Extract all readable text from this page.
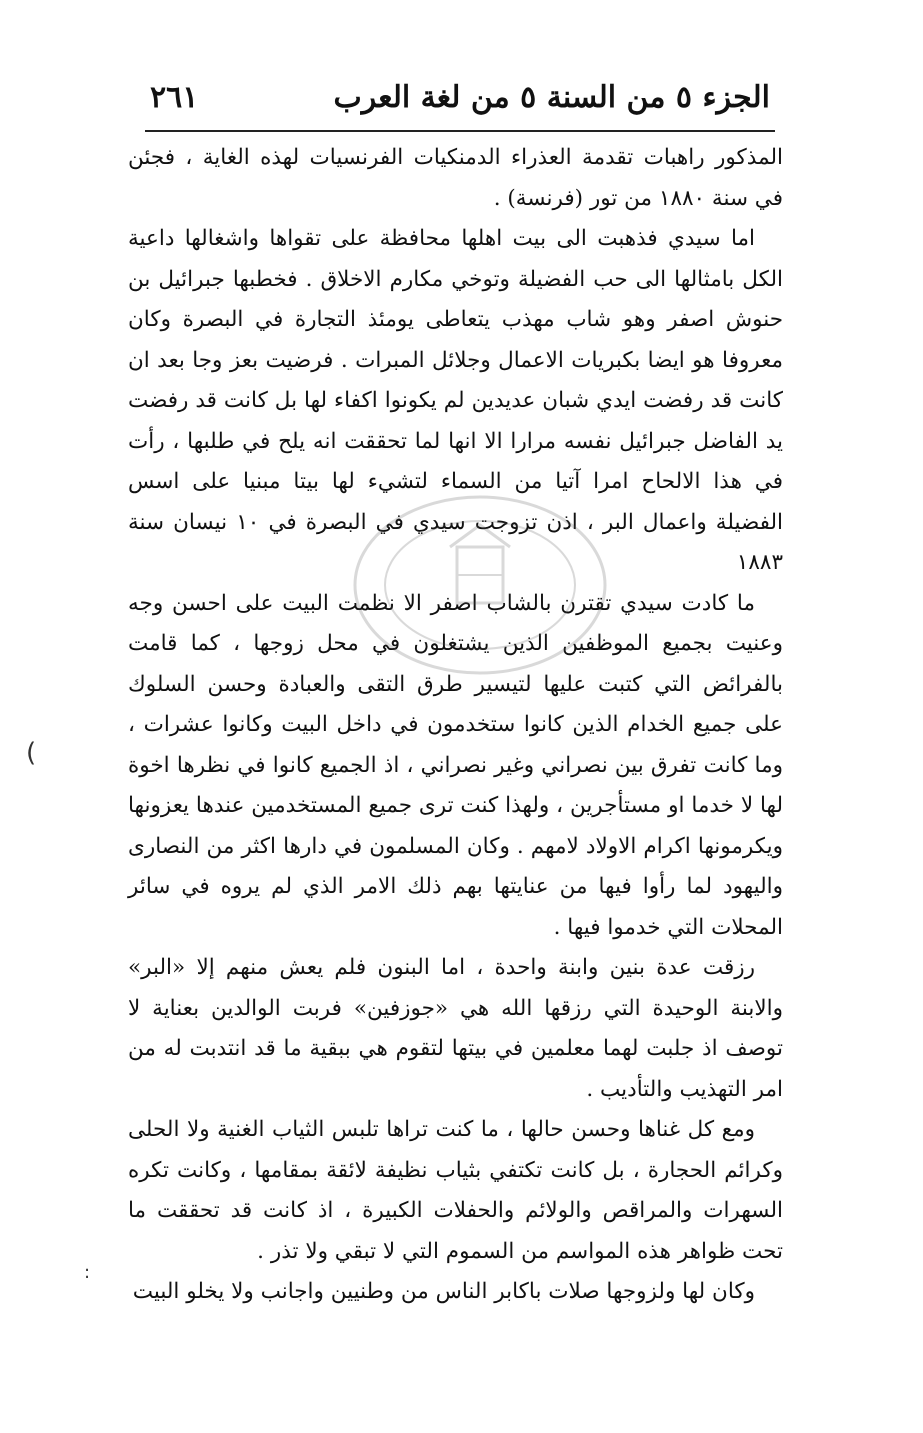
الجزء ٥ من السنة ٥ من لغة العرب
٢٦١

المذكور راهبات تقدمة العذراء الدمنكيات الفرنسيات لهذه الغاية ، فجئن في سنة ١٨٨٠ من تور (فرنسة) .

اما سيدي فذهبت الى بيت اهلها محافظة على تقواها واشغالها داعية الكل بامثالها الى حب الفضيلة وتوخي مكارم الاخلاق . فخطبها جبرائيل بن حنوش اصفر وهو شاب مهذب يتعاطى يومئذ التجارة في البصرة وكان معروفا هو ايضا بكبريات الاعمال وجلائل المبرات . فرضيت بعز وجا بعد ان كانت قد رفضت ايدي شبان عديدين لم يكونوا اكفاء لها بل كانت قد رفضت يد الفاضل جبرائيل نفسه مرارا الا انها لما تحققت انه يلح في طلبها ، رأت في هذا الالحاح امرا آتيا من السماء لتشيء لها بيتا مبنيا على اسس الفضيلة واعمال البر ، اذن تزوجت سيدي في البصرة في ١٠ نيسان سنة ١٨٨٣

ما كادت سيدي تقترن بالشاب اصفر الا نظمت البيت على احسن وجه وعنيت بجميع الموظفين الذين يشتغلون في محل زوجها ، كما قامت بالفرائض التي كتبت عليها لتيسير طرق التقى والعبادة وحسن السلوك على جميع الخدام الذين كانوا ستخدمون في داخل البيت وكانوا عشرات ، وما كانت تفرق بين نصراني وغير نصراني ، اذ الجميع كانوا في نظرها اخوة لها لا خدما او مستأجرين ، ولهذا كنت ترى جميع المستخدمين عندها يعزونها ويكرمونها اكرام الاولاد لامهم . وكان المسلمون في دارها اكثر من النصارى واليهود لما رأوا فيها من عنايتها بهم ذلك الامر الذي لم يروه في سائر المحلات التي خدموا فيها .

رزقت عدة بنين وابنة واحدة ، اما البنون فلم يعش منهم إلا «البر» والابنة الوحيدة التي رزقها الله هي «جوزفين» فربت الوالدين بعناية لا توصف اذ جلبت لهما معلمين في بيتها لتقوم هي ببقية ما قد انتدبت له من امر التهذيب والتأديب .

ومع كل غناها وحسن حالها ، ما كنت تراها تلبس الثياب الغنية ولا الحلى وكرائم الحجارة ، بل كانت تكتفي بثياب نظيفة لائقة بمقامها ، وكانت تكره السهرات والمراقص والولائم والحفلات الكبيرة ، اذ كانت قد تحققت ما تحت ظواهر هذه المواسم من السموم التي لا تبقي ولا تذر .

وكان لها ولزوجها صلات باكابر الناس من وطنيين واجانب ولا يخلو البيت

)
:
